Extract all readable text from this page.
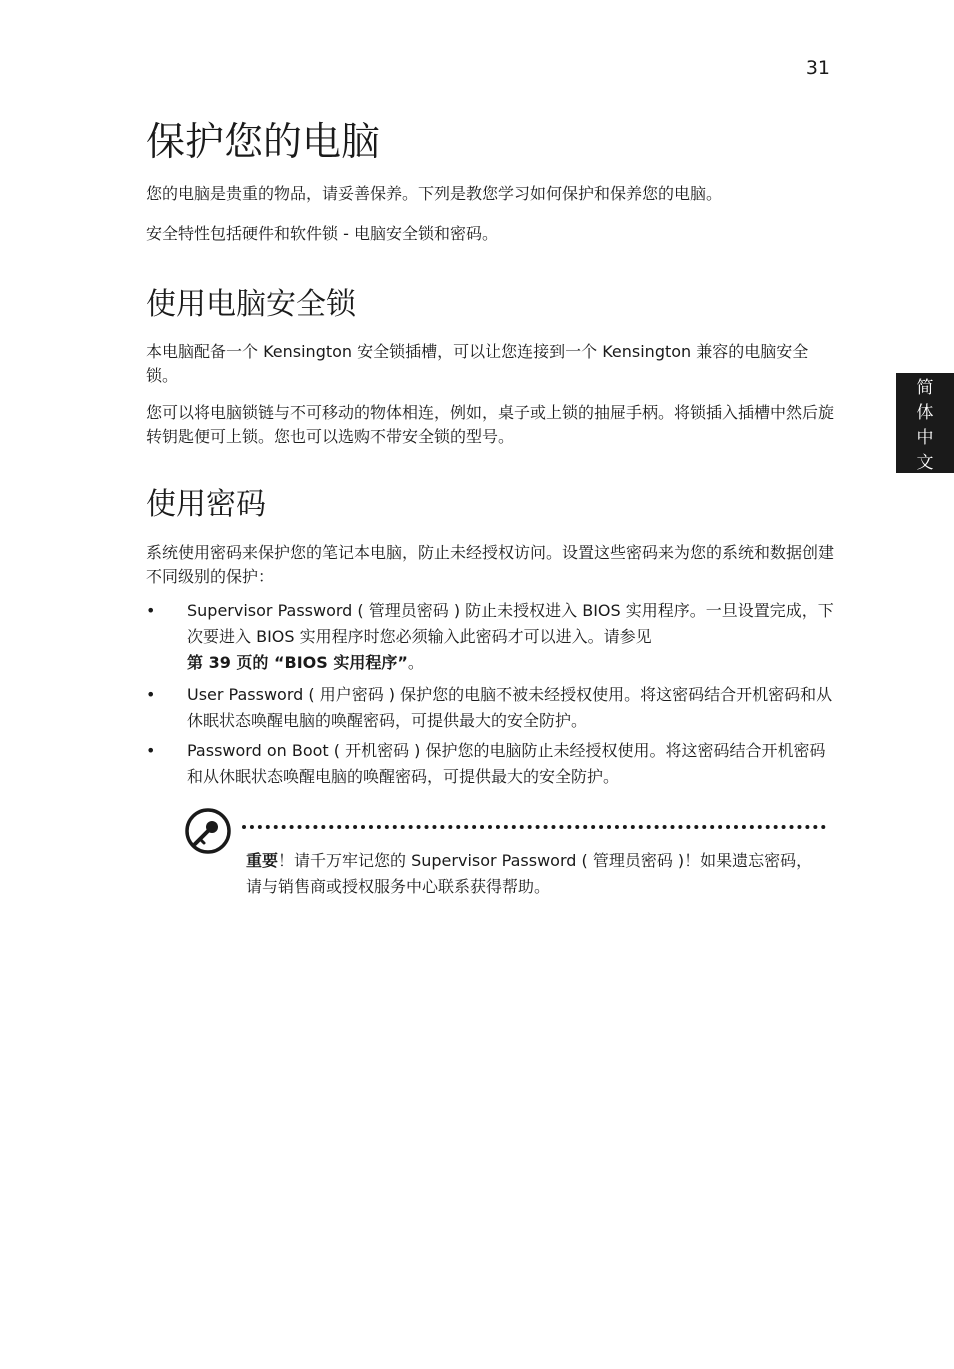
31
简
体
中
文
保护您的电脑

您的电脑是贵重的物品，请妥善保养。下列是教您学习如何保护和保养您的电脑。

安全特性包括硬件和软件锁 - 电脑安全锁和密码。

使用电脑安全锁

本电脑配备一个 Kensington 安全锁插槽，可以让您连接到一个 Kensington 兼容的电脑安全锁。

您可以将电脑锁链与不可移动的物体相连，例如，桌子或上锁的抽屉手柄。将锁插入插槽中然后旋转钥匙便可上锁。您也可以选购不带安全锁的型号。

使用密码

系统使用密码来保护您的笔记本电脑，防止未经授权访问。设置这些密码来为您的系统和数据创建不同级别的保护：

• Supervisor Password ( 管理员密码 ) 防止未授权进入 BIOS 实用程序。一旦设置完成，下次要进入 BIOS 实用程序时您必须输入此密码才可以进入。请参见
第 39 页的 “BIOS 实用程序”。

• User Password ( 用户密码 ) 保护您的电脑不被未经授权使用。将这密码结合开机密码和从休眠状态唤醒电脑的唤醒密码，可提供最大的安全防护。

• Password on Boot ( 开机密码 ) 保护您的电脑防止未经授权使用。将这密码结合开机密码和从休眠状态唤醒电脑的唤醒密码，可提供最大的安全防护。

重要！请千万牢记您的 Supervisor Password ( 管理员密码 )！如果遗忘密码，请与销售商或授权服务中心联系获得帮助。
